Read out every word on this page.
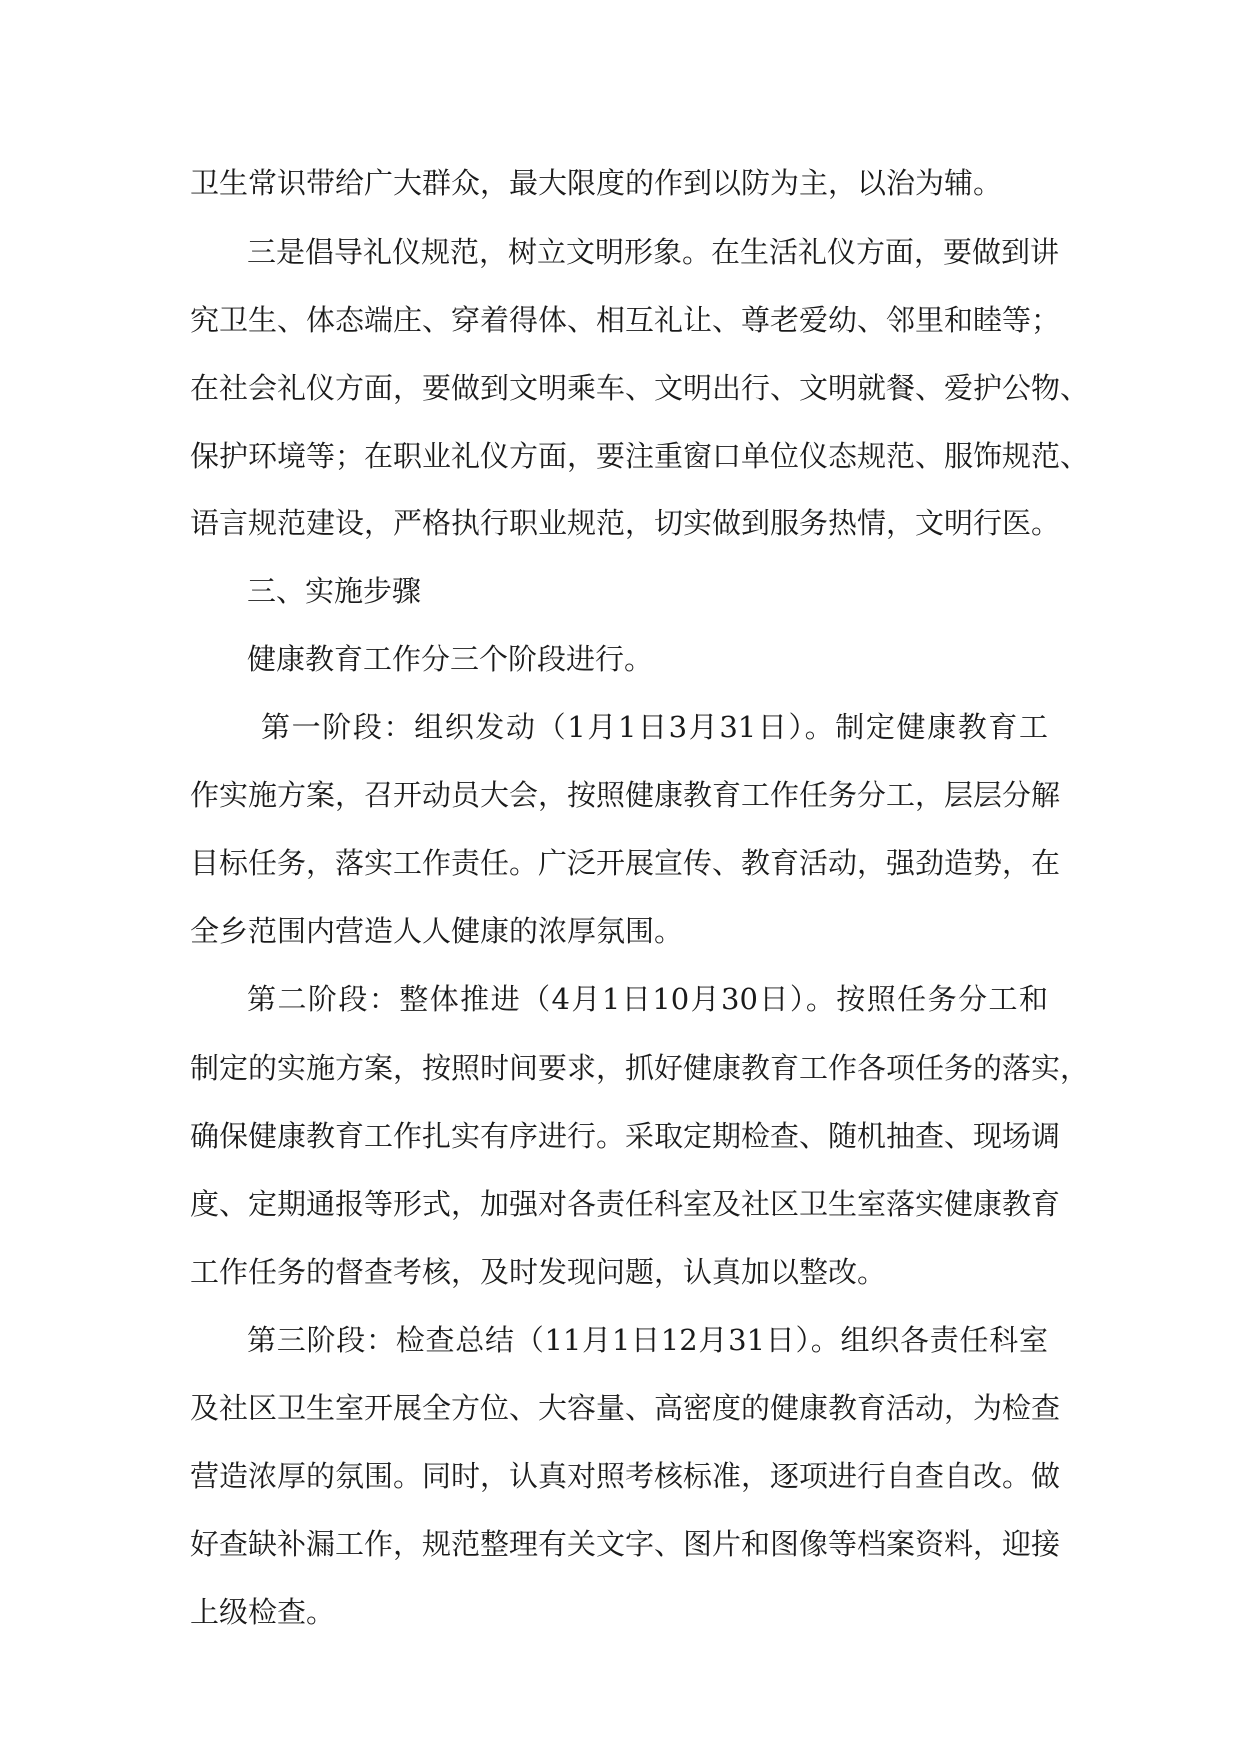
卫生常识带给广大群众，最大限度的作到以防为主，以治为辅。
三是倡导礼仪规范，树立文明形象。在生活礼仪方面，要做到讲
究卫生、体态端庄、穿着得体、相互礼让、尊老爱幼、邻里和睦等；
在社会礼仪方面，要做到文明乘车、文明出行、文明就餐、爱护公物、
保护环境等；在职业礼仪方面，要注重窗口单位仪态规范、服饰规范、
语言规范建设，严格执行职业规范，切实做到服务热情，文明行医。
三、实施步骤
健康教育工作分三个阶段进行。
第一阶段：组织发动（1月1日3月31日）。制定健康教育工
作实施方案，召开动员大会，按照健康教育工作任务分工，层层分解
目标任务，落实工作责任。广泛开展宣传、教育活动，强劲造势，在
全乡范围内营造人人健康的浓厚氛围。
第二阶段：整体推进（4月1日10月30日）。按照任务分工和
制定的实施方案，按照时间要求，抓好健康教育工作各项任务的落实，
确保健康教育工作扎实有序进行。采取定期检查、随机抽查、现场调
度、定期通报等形式，加强对各责任科室及社区卫生室落实健康教育
工作任务的督查考核，及时发现问题，认真加以整改。
第三阶段：检查总结（11月1日12月31日）。组织各责任科室
及社区卫生室开展全方位、大容量、高密度的健康教育活动，为检查
营造浓厚的氛围。同时，认真对照考核标准，逐项进行自查自改。做
好查缺补漏工作，规范整理有关文字、图片和图像等档案资料，迎接
上级检查。
